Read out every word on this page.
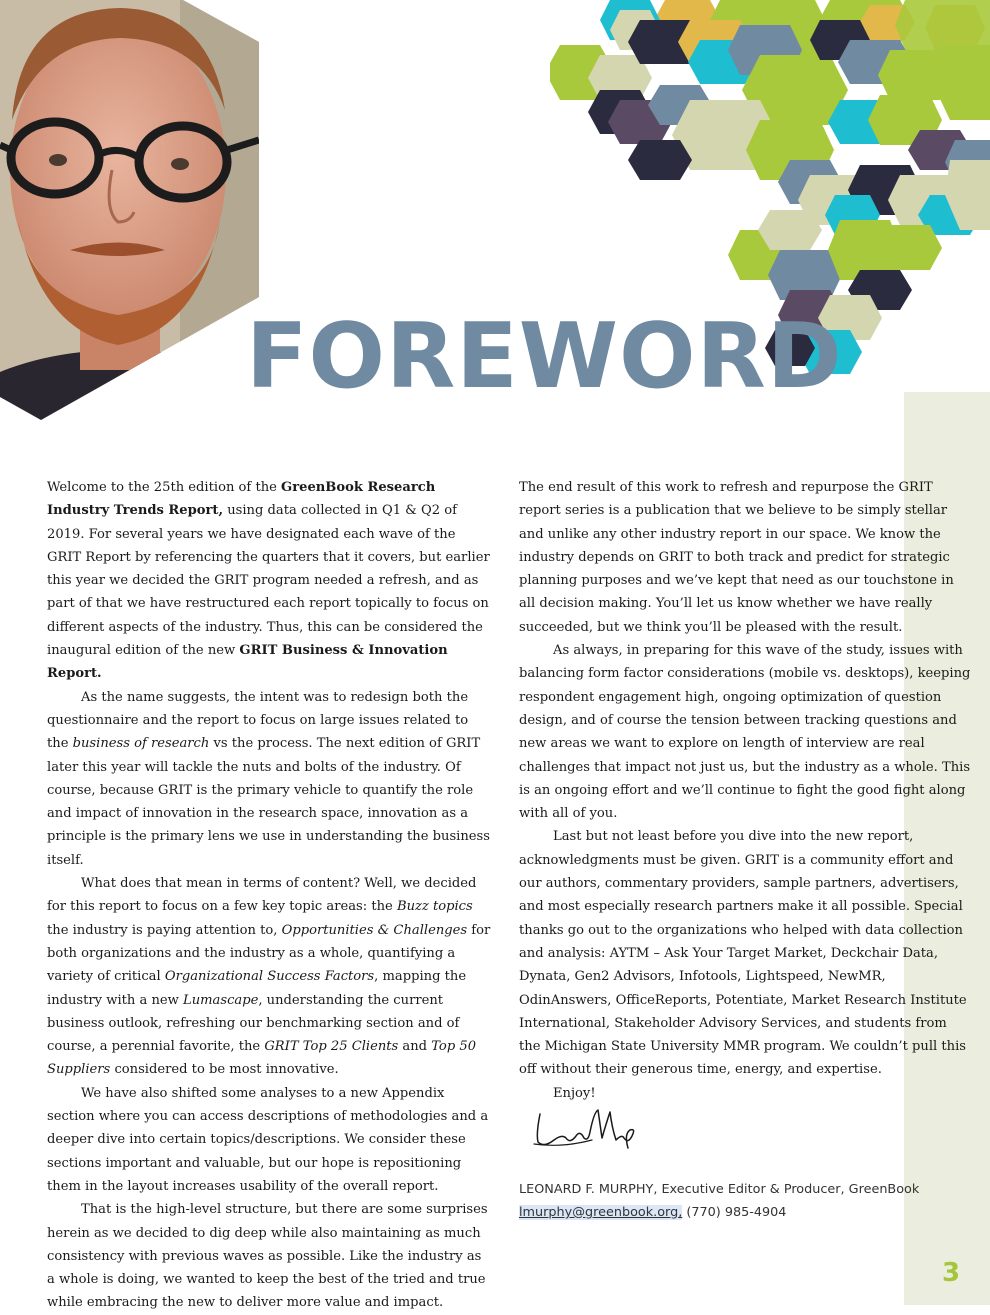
FOREWORD

Welcome to the 25th edition of the GreenBook Research Industry Trends Report, using data collected in Q1 & Q2 of 2019. For several years we have designated each wave of the GRIT Report by referencing the quarters that it covers, but earlier this year we decided the GRIT program needed a refresh, and as part of that we have restructured each report topically to focus on different aspects of the industry. Thus, this can be considered the inaugural edition of the new GRIT Business & Innovation Report.

As the name suggests, the intent was to redesign both the questionnaire and the report to focus on large issues related to the business of research vs the process. The next edition of GRIT later this year will tackle the nuts and bolts of the industry. Of course, because GRIT is the primary vehicle to quantify the role and impact of innovation in the research space, innovation as a principle is the primary lens we use in understanding the business itself.

What does that mean in terms of content? Well, we decided for this report to focus on a few key topic areas: the Buzz topics the industry is paying attention to, Opportunities & Challenges for both organizations and the industry as a whole, quantifying a variety of critical Organizational Success Factors, mapping the industry with a new Lumascape, understanding the current business outlook, refreshing our benchmarking section and of course, a perennial favorite, the GRIT Top 25 Clients and Top 50 Suppliers considered to be most innovative.

We have also shifted some analyses to a new Appendix section where you can access descriptions of methodologies and a deeper dive into certain topics/descriptions. We consider these sections important and valuable, but our hope is repositioning them in the layout increases usability of the overall report.

That is the high-level structure, but there are some surprises herein as we decided to dig deep while also maintaining as much consistency with previous waves as possible. Like the industry as a whole is doing, we wanted to keep the best of the tried and true while embracing the new to deliver more value and impact.

The end result of this work to refresh and repurpose the GRIT report series is a publication that we believe to be simply stellar and unlike any other industry report in our space. We know the industry depends on GRIT to both track and predict for strategic planning purposes and we’ve kept that need as our touchstone in all decision making. You’ll let us know whether we have really succeeded, but we think you’ll be pleased with the result.

As always, in preparing for this wave of the study, issues with balancing form factor considerations (mobile vs. desktops), keeping respondent engagement high, ongoing optimization of question design, and of course the tension between tracking questions and new areas we want to explore on length of interview are real challenges that impact not just us, but the industry as a whole. This is an ongoing effort and we’ll continue to fight the good fight along with all of you.

Last but not least before you dive into the new report, acknowledgments must be given. GRIT is a community effort and our authors, commentary providers, sample partners, advertisers, and most especially research partners make it all possible. Special thanks go out to the organizations who helped with data collection and analysis: AYTM – Ask Your Target Market, Deckchair Data, Dynata, Gen2 Advisors, Infotools, Lightspeed, NewMR, OdinAnswers, OfficeReports, Potentiate, Market Research Institute International, Stakeholder Advisory Services, and students from the Michigan State University MMR program. We couldn’t pull this off without their generous time, energy, and expertise.

Enjoy!

LEONARD F. MURPHY, Executive Editor & Producer, GreenBook
lmurphy@greenbook.org, (770) 985-4904
3
